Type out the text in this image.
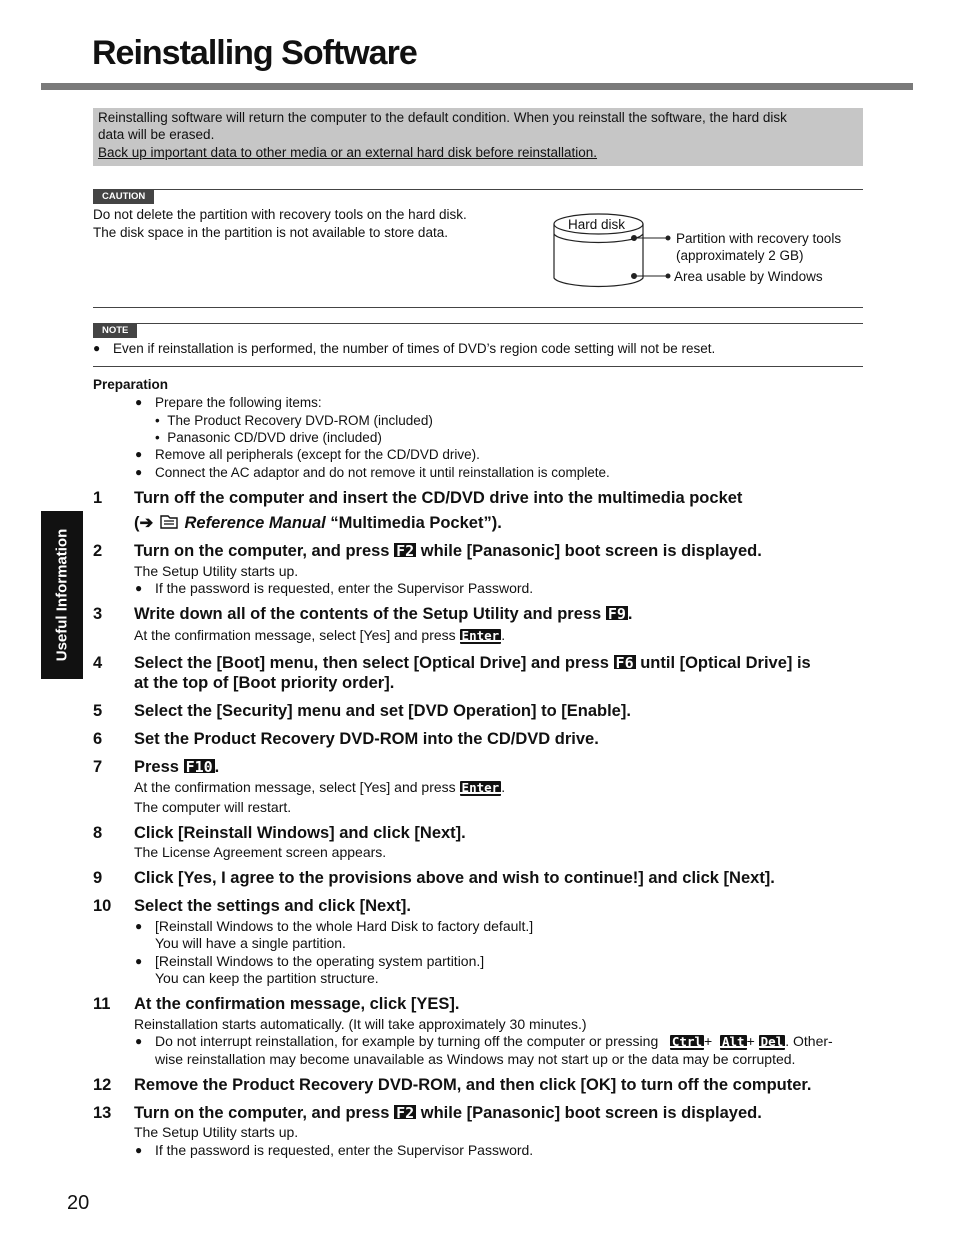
Reinstalling Software
Reinstalling software will return the computer to the default condition. When you reinstall the software, the hard disk
data will be erased.
Back up important data to other media or an external hard disk before reinstallation.
CAUTION
Do not delete the partition with recovery tools on the hard disk.
The disk space in the partition is not available to store data.
Hard disk
Partition with recovery tools
(approximately 2 GB)
Area usable by Windows
NOTE
● Even if reinstallation is performed, the number of times of DVD’s region code setting will not be reset.
Preparation
● Prepare the following items:
•  The Product Recovery DVD-ROM (included)
•  Panasonic CD/DVD drive (included)
● Remove all peripherals (except for the CD/DVD drive).
● Connect the AC adaptor and do not remove it until reinstallation is complete.
1 Turn off the computer and insert the CD/DVD drive into the multimedia pocket
(➔ Reference Manual “Multimedia Pocket”).
2 Turn on the computer, and press F2 while [Panasonic] boot screen is displayed.
The Setup Utility starts up.
● If the password is requested, enter the Supervisor Password.
3 Write down all of the contents of the Setup Utility and press F9 .
At the confirmation message, select [Yes] and press Enter .
4 Select the [Boot] menu, then select [Optical Drive] and press F6 until [Optical Drive] is
at the top of [Boot priority order].
5 Select the [Security] menu and set [DVD Operation] to [Enable].
6 Set the Product Recovery DVD-ROM into the CD/DVD drive.
7 Press F10 .
At the confirmation message, select [Yes] and press Enter .
The computer will restart.
8 Click [Reinstall Windows] and click [Next].
The License Agreement screen appears.
9 Click [Yes, I agree to the provisions above and wish to continue!] and click [Next].
10 Select the settings and click [Next].
● [Reinstall Windows to the whole Hard Disk to factory default.]
You will have a single partition.
● [Reinstall Windows to the operating system partition.]
You can keep the partition structure.
11 At the confirmation message, click [YES].
Reinstallation starts automatically. (It will take approximately 30 minutes.)
● Do not interrupt reinstallation, for example by turning off the computer or pressing Ctrl + Alt + Del . Other-
wise reinstallation may become unavailable as Windows may not start up or the data may be corrupted.
12 Remove the Product Recovery DVD-ROM, and then click [OK] to turn off the computer.
13 Turn on the computer, and press F2 while [Panasonic] boot screen is displayed.
The Setup Utility starts up.
● If the password is requested, enter the Supervisor Password.
Useful Information
20
